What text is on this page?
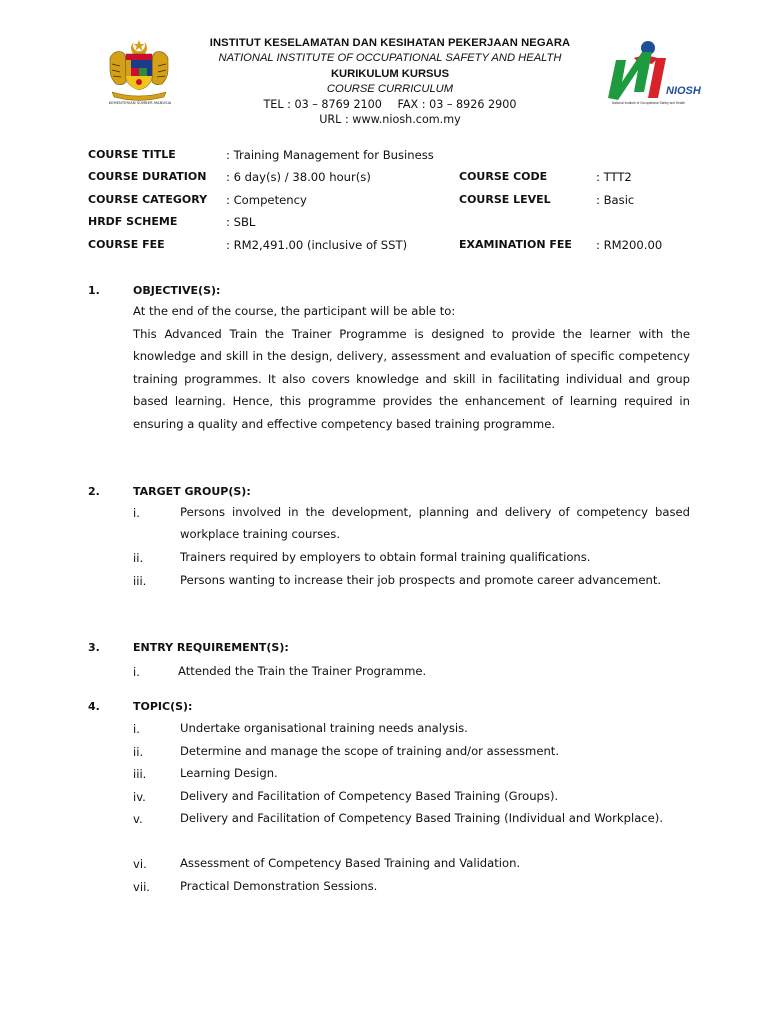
KEMENTERIAN SUMBER MANUSIA
INSTITUT KESELAMATAN DAN KESIHATAN PEKERJAAN NEGARA
NATIONAL INSTITUTE OF OCCUPATIONAL SAFETY AND HEALTH
KURIKULUM KURSUS
COURSE CURRICULUM
TEL : 03 – 8769 2100 FAX : 03 – 8926 2900
URL : www.niosh.com.my
NIOSH
National Institute of Occupational Safety and Health
COURSE TITLE	: Training Management for Business
COURSE DURATION : 6 day(s) / 38.00 hour(s)	COURSE CODE	: TTT2
COURSE CATEGORY : Competency	COURSE LEVEL	: Basic
HRDF SCHEME	: SBL
COURSE FEE	: RM2,491.00 (inclusive of SST)	EXAMINATION FEE : RM200.00
1.	OBJECTIVE(S):
At the end of the course, the participant will be able to:
This Advanced Train the Trainer Programme is designed to provide the learner with the knowledge and skill in the design, delivery, assessment and evaluation of specific competency training programmes. It also covers knowledge and skill in facilitating individual and group based learning. Hence, this programme provides the enhancement of learning required in ensuring a quality and effective competency based training programme.
2.	TARGET GROUP(S):
i.	Persons involved in the development, planning and delivery of competency based workplace training courses.
ii.	Trainers required by employers to obtain formal training qualifications.
iii.	Persons wanting to increase their job prospects and promote career advancement.
3.	ENTRY REQUIREMENT(S):
i.	Attended the Train the Trainer Programme.
4.	TOPIC(S):
i.	Undertake organisational training needs analysis.
ii.	Determine and manage the scope of training and/or assessment.
iii.	Learning Design.
iv.	Delivery and Facilitation of Competency Based Training (Groups).
v.	Delivery and Facilitation of Competency Based Training (Individual and Workplace).
vi.	Assessment of Competency Based Training and Validation.
vii.	Practical Demonstration Sessions.
